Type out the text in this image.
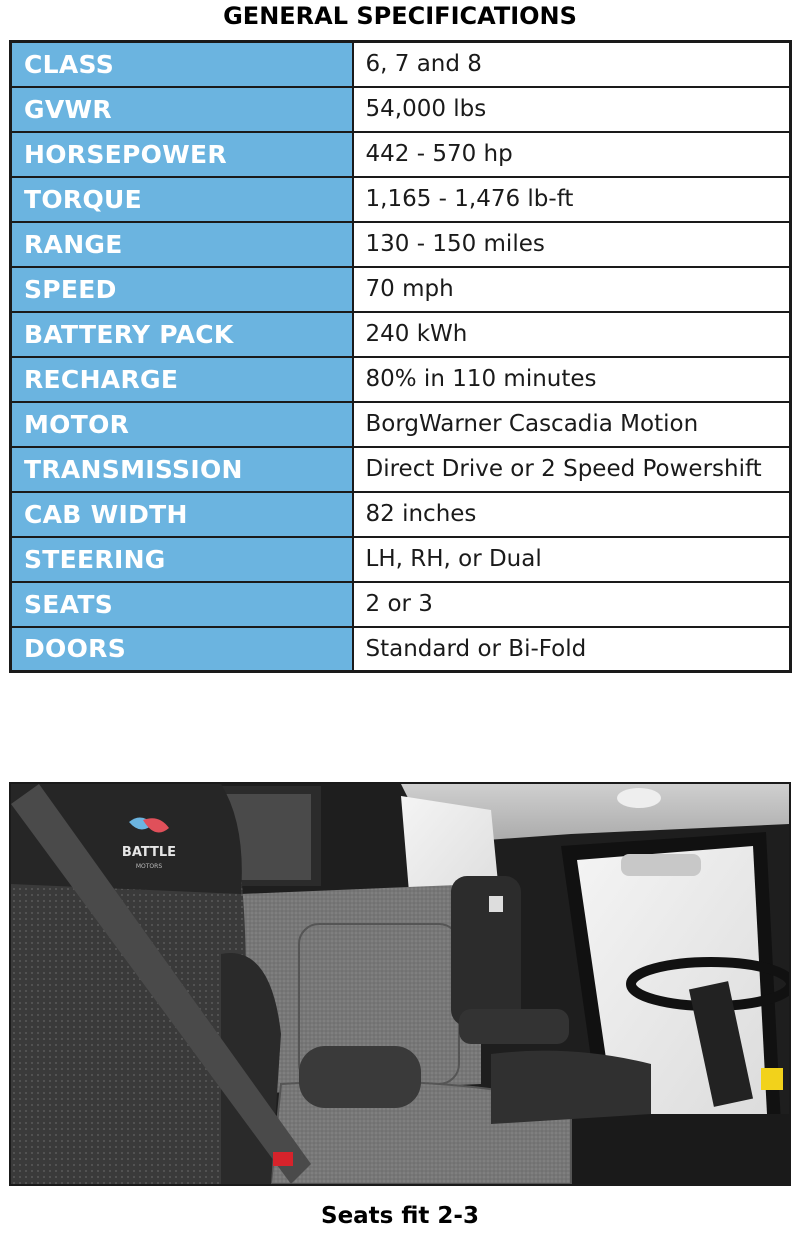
GENERAL SPECIFICATIONS
CLASS	6, 7 and 8
GVWR	54,000 lbs
HORSEPOWER	442 - 570 hp
TORQUE	1,165 - 1,476 lb-ft
RANGE	130 - 150 miles
SPEED	70 mph
BATTERY PACK	240 kWh
RECHARGE	80% in 110 minutes
MOTOR	BorgWarner Cascadia Motion
TRANSMISSION	Direct Drive or 2 Speed Powershift
CAB WIDTH	82 inches
STEERING	LH, RH, or Dual
SEATS	2 or 3
DOORS	Standard or Bi-Fold
BATTLE
MOTORS
Seats fit 2-3
